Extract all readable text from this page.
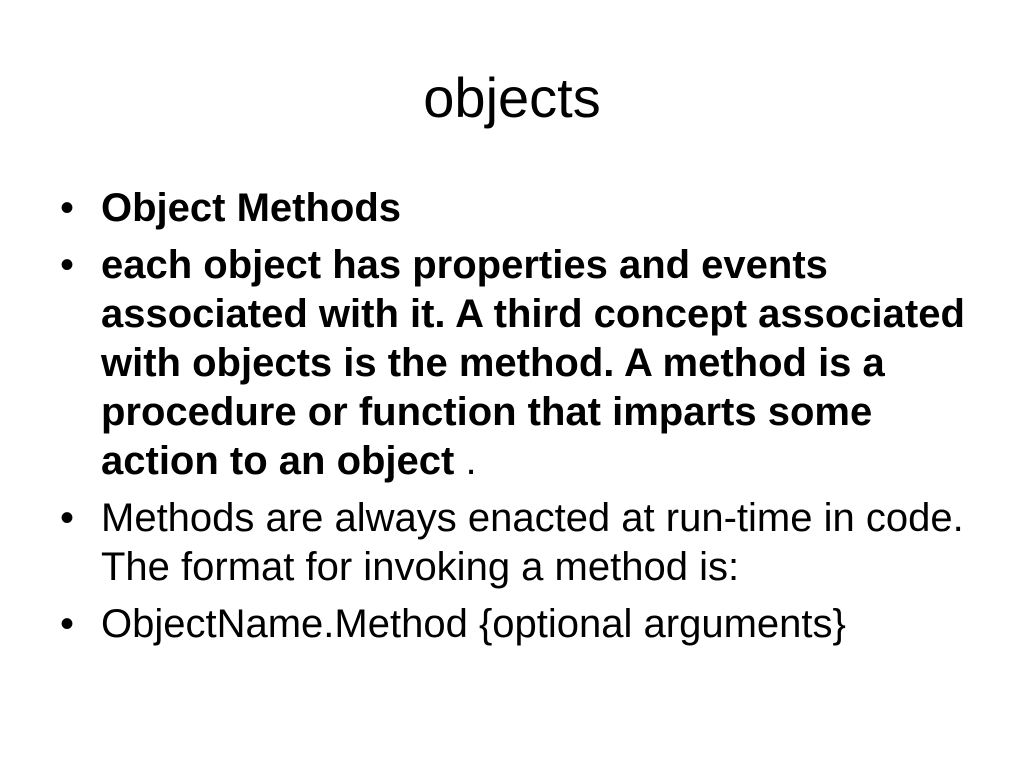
objects
• Object Methods
• each object has properties and events associated with it. A third concept associated with objects is the method. A method is a procedure or function that imparts some action to an object .
• Methods are always enacted at run-time in code. The format for invoking a method is:
• ObjectName.Method {optional arguments}
